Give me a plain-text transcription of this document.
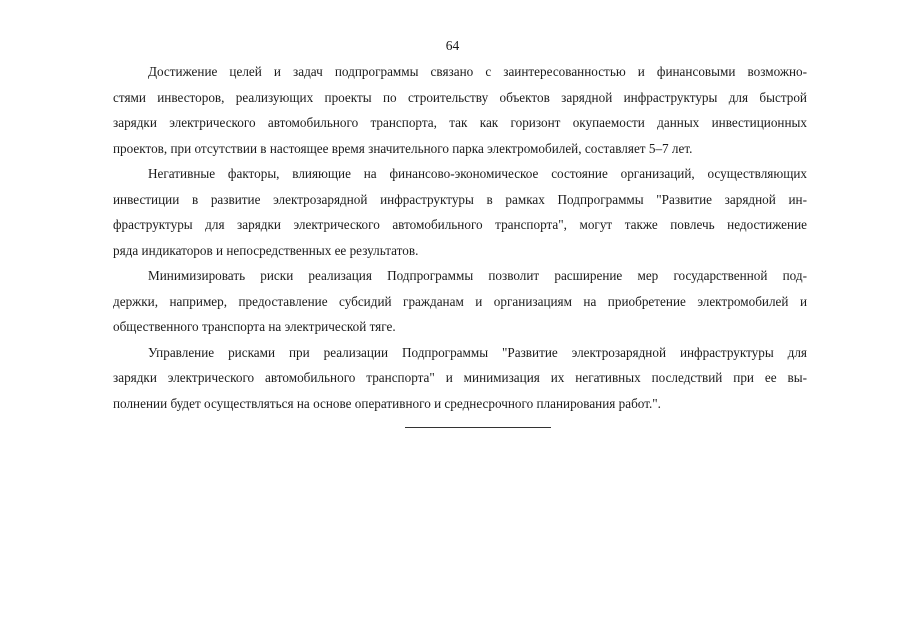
64
Достижение целей и задач подпрограммы связано с заинтересованностью и финансовыми возможно-
стями инвесторов, реализующих проекты по строительству объектов зарядной инфраструктуры для быстрой
зарядки электрического автомобильного транспорта, так как горизонт окупаемости данных инвестиционных
проектов, при отсутствии в настоящее время значительного парка электромобилей, составляет 5–7 лет.
Негативные факторы, влияющие на финансово-экономическое состояние организаций, осуществляющих
инвестиции в развитие электрозарядной инфраструктуры в рамках Подпрограммы "Развитие зарядной ин-
фраструктуры для зарядки электрического автомобильного транспорта", могут также повлечь недостижение
ряда индикаторов и непосредственных ее результатов.
Минимизировать риски реализация Подпрограммы позволит расширение мер государственной под-
держки, например, предоставление субсидий гражданам и организациям на приобретение электромобилей и
общественного транспорта на электрической тяге.
Управление рисками при реализации Подпрограммы "Развитие электрозарядной инфраструктуры для
зарядки электрического автомобильного транспорта" и минимизация их негативных последствий при ее вы-
полнении будет осуществляться на основе оперативного и среднесрочного планирования работ.".
